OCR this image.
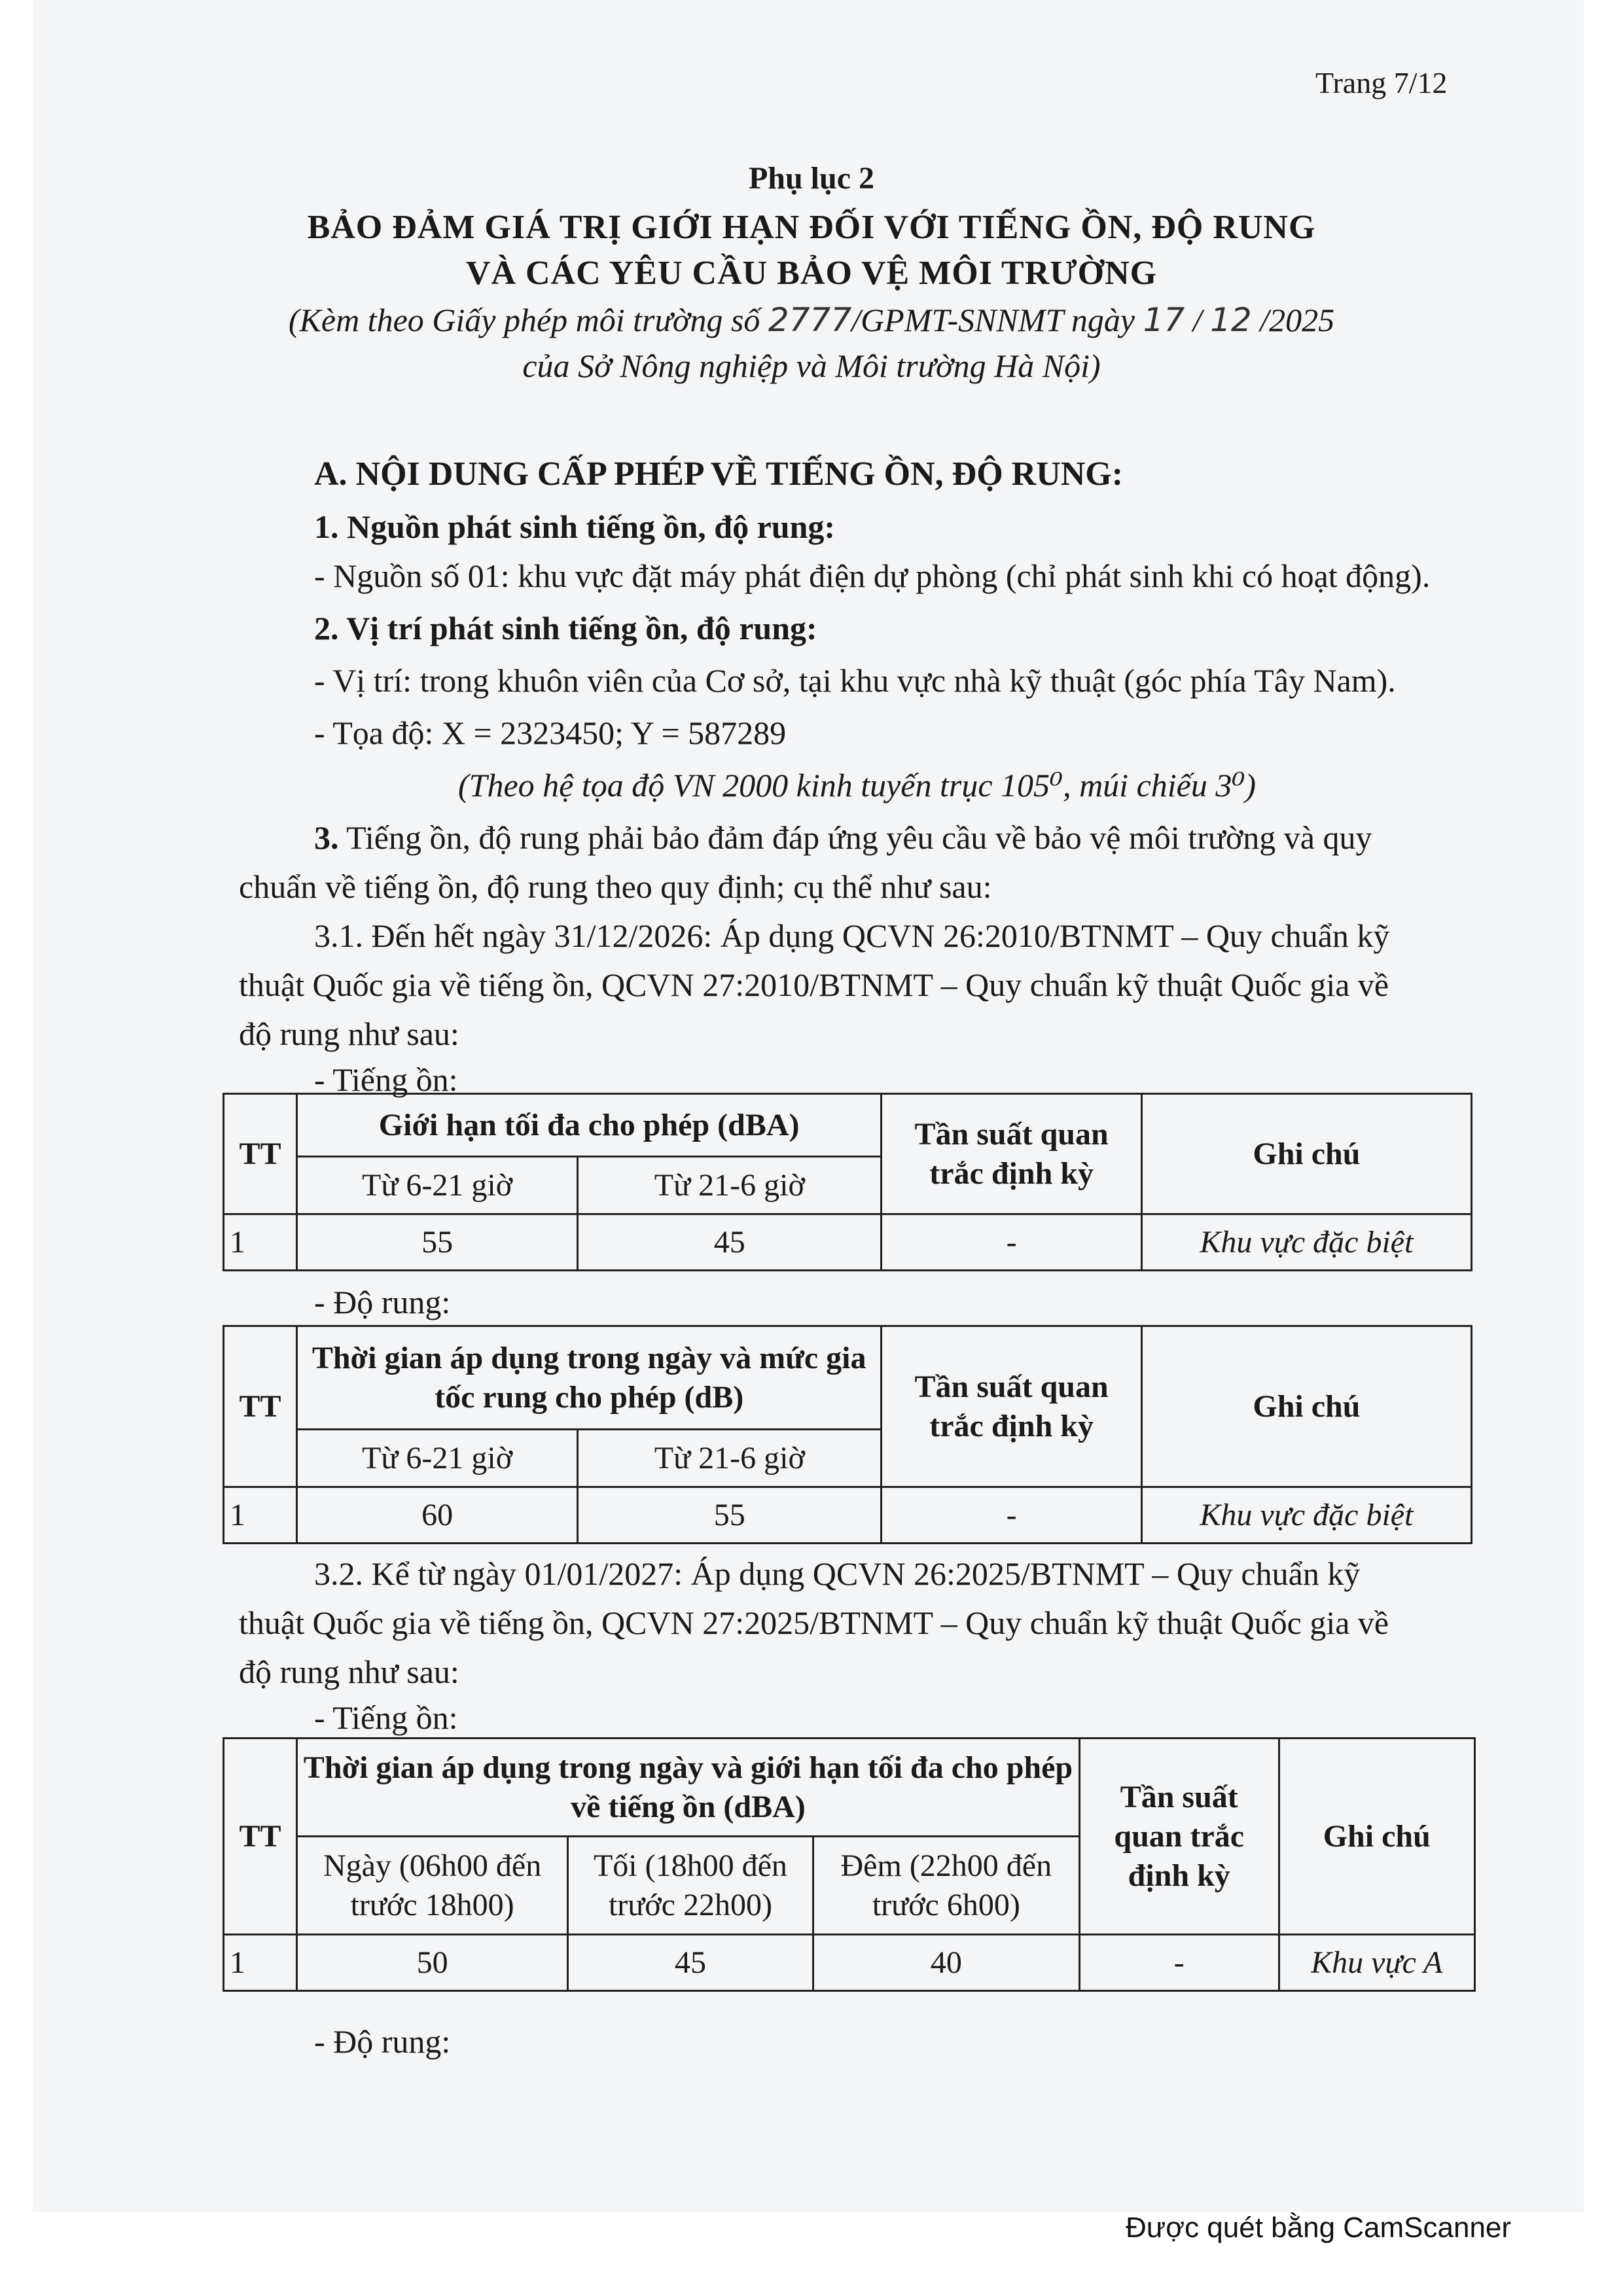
Trang 7/12
Phụ lục 2
BẢO ĐẢM GIÁ TRỊ GIỚI HẠN ĐỐI VỚI TIẾNG ỒN, ĐỘ RUNG
VÀ CÁC YÊU CẦU BẢO VỆ MÔI TRƯỜNG
(Kèm theo Giấy phép môi trường số 2777/GPMT-SNNMT ngày 17 / 12 /2025
của Sở Nông nghiệp và Môi trường Hà Nội)
A. NỘI DUNG CẤP PHÉP VỀ TIẾNG ỒN, ĐỘ RUNG:
1. Nguồn phát sinh tiếng ồn, độ rung:
- Nguồn số 01: khu vực đặt máy phát điện dự phòng (chỉ phát sinh khi có hoạt động).
2. Vị trí phát sinh tiếng ồn, độ rung:
- Vị trí: trong khuôn viên của Cơ sở, tại khu vực nhà kỹ thuật (góc phía Tây Nam).
- Tọa độ: X = 2323450; Y = 587289
(Theo hệ tọa độ VN 2000 kinh tuyến trục 105⁰, múi chiếu 3⁰)
3. Tiếng ồn, độ rung phải bảo đảm đáp ứng yêu cầu về bảo vệ môi trường và quy
chuẩn về tiếng ồn, độ rung theo quy định; cụ thể như sau:
3.1. Đến hết ngày 31/12/2026: Áp dụng QCVN 26:2010/BTNMT – Quy chuẩn kỹ
thuật Quốc gia về tiếng ồn, QCVN 27:2010/BTNMT – Quy chuẩn kỹ thuật Quốc gia về
độ rung như sau:
- Tiếng ồn:
TT	Giới hạn tối đa cho phép (dBA)		Tần suất quan trắc định kỳ	Ghi chú
	Từ 6-21 giờ	Từ 21-6 giờ		
1	55	45	-	Khu vực đặc biệt
- Độ rung:
TT	Thời gian áp dụng trong ngày và mức gia tốc rung cho phép (dB)		Tần suất quan trắc định kỳ	Ghi chú
	Từ 6-21 giờ	Từ 21-6 giờ		
1	60	55	-	Khu vực đặc biệt
3.2. Kể từ ngày 01/01/2027: Áp dụng QCVN 26:2025/BTNMT – Quy chuẩn kỹ
thuật Quốc gia về tiếng ồn, QCVN 27:2025/BTNMT – Quy chuẩn kỹ thuật Quốc gia về
độ rung như sau:
- Tiếng ồn:
TT	Thời gian áp dụng trong ngày và giới hạn tối đa cho phép về tiếng ồn (dBA)			Tần suất quan trắc định kỳ	Ghi chú
	Ngày (06h00 đến trước 18h00)	Tối (18h00 đến trước 22h00)	Đêm (22h00 đến trước 6h00)		
1	50	45	40	-	Khu vực A
- Độ rung:
Được quét bằng CamScanner
